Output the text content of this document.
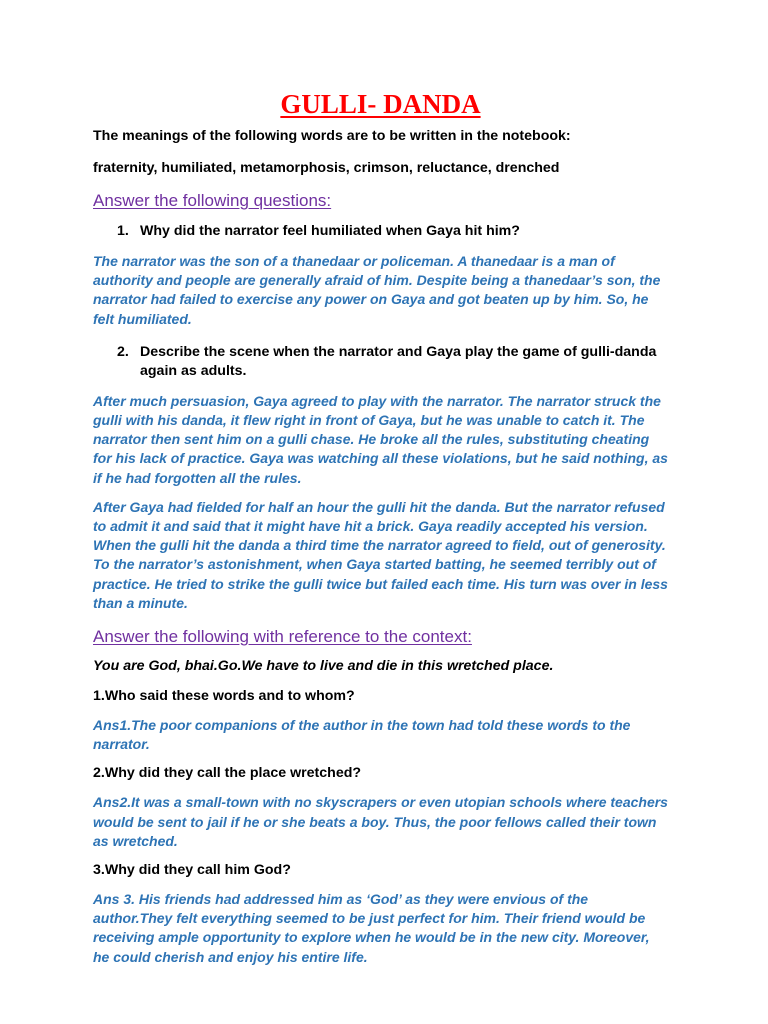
GULLI- DANDA

The meanings of the following words are to be written in the notebook:

fraternity, humiliated, metamorphosis, crimson, reluctance, drenched

Answer the following questions:
1. Why did the narrator feel humiliated when Gaya hit him?

The narrator was the son of a thanedaar or policeman. A thanedaar is a man of authority and people are generally afraid of him. Despite being a thanedaar’s son, the narrator had failed to exercise any power on Gaya and got beaten up by him. So, he felt humiliated.

2. Describe the scene when the narrator and Gaya play the game of gulli-danda again as adults.

After much persuasion, Gaya agreed to play with the narrator. The narrator struck the gulli with his danda, it flew right in front of Gaya, but he was unable to catch it. The narrator then sent him on a gulli chase. He broke all the rules, substituting cheating for his lack of practice. Gaya was watching all these violations, but he said nothing, as if he had forgotten all the rules.

After Gaya had fielded for half an hour the gulli hit the danda. But the narrator refused to admit it and said that it might have hit a brick. Gaya readily accepted his version. When the gulli hit the danda a third time the narrator agreed to field, out of generosity. To the narrator’s astonishment, when Gaya started batting, he seemed terribly out of practice. He tried to strike the gulli twice but failed each time. His turn was over in less than a minute.

Answer the following with reference to the context:

You are God, bhai.Go.We have to live and die in this wretched place.

1.Who said these words and to whom?

Ans1.The poor companions of the author in the town had told these words to the narrator.

2.Why did they call the place wretched?

Ans2.It was a small-town with no skyscrapers or even utopian schools where teachers would be sent to jail if he or she beats a boy. Thus, the poor fellows called their town as wretched.

3.Why did they call him God?

Ans 3. His friends had addressed him as ‘God’ as they were envious of the author.They felt everything seemed to be just perfect for him. Their friend would be receiving ample opportunity to explore when he would be in the new city. Moreover, he could cherish and enjoy his entire life.
